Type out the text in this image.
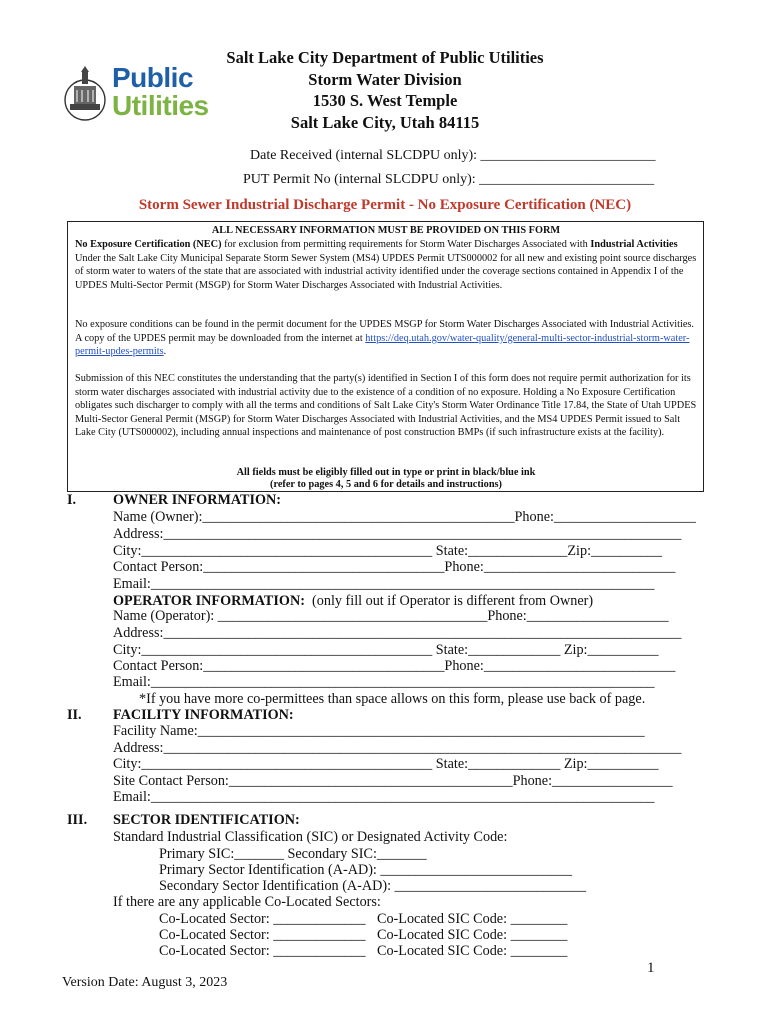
Public
Utilities
Salt Lake City Department of Public Utilities
Storm Water Division
1530 S. West Temple
Salt Lake City, Utah 84115
Date Received (internal SLCDPU only): _________________________
PUT Permit No (internal SLCDPU only): _________________________
Storm Sewer Industrial Discharge Permit - No Exposure Certification (NEC)
ALL NECESSARY INFORMATION MUST BE PROVIDED ON THIS FORM
No Exposure Certification (NEC) for exclusion from permitting requirements for Storm Water Discharges Associated with Industrial Activities Under the Salt Lake City Municipal Separate Storm Sewer System (MS4) UPDES Permit UTS000002 for all new and existing point source discharges of storm water to waters of the state that are associated with industrial activity identified under the coverage sections contained in Appendix I of the UPDES Multi-Sector Permit (MSGP) for Storm Water Discharges Associated with Industrial Activities.
No exposure conditions can be found in the permit document for the UPDES MSGP for Storm Water Discharges Associated with Industrial Activities. A copy of the UPDES permit may be downloaded from the internet at https://deq.utah.gov/water-quality/general-multi-sector-industrial-storm-water-permit-updes-permits.
Submission of this NEC constitutes the understanding that the party(s) identified in Section I of this form does not require permit authorization for its storm water discharges associated with industrial activity due to the existence of a condition of no exposure. Holding a No Exposure Certification obligates such discharger to comply with all the terms and conditions of Salt Lake City's Storm Water Ordinance Title 17.84, the State of Utah UPDES Multi-Sector General Permit (MSGP) for Storm Water Discharges Associated with Industrial Activities, and the MS4 UPDES Permit issued to Salt Lake City (UTS000002), including annual inspections and maintenance of post construction BMPs (if such infrastructure exists at the facility).
All fields must be eligibly filled out in type or print in black/blue ink
(refer to pages 4, 5 and 6 for details and instructions)
I.	OWNER INFORMATION:
Name (Owner):____________________________________________Phone:____________________
Address:_________________________________________________________________________
City:_________________________________________ State:______________Zip:__________
Contact Person:__________________________________Phone:___________________________
Email:_______________________________________________________________________
OPERATOR INFORMATION:  (only fill out if Operator is different from Owner)
Name (Operator): ______________________________________Phone:____________________
Address:_________________________________________________________________________
City:_________________________________________ State:_____________ Zip:__________
Contact Person:__________________________________Phone:___________________________
Email:_______________________________________________________________________
*If you have more co-permittees than space allows on this form, please use back of page.
II. FACILITY INFORMATION:
Facility Name:_______________________________________________________________
Address:_________________________________________________________________________
City:_________________________________________ State:_____________ Zip:__________
Site Contact Person:________________________________________Phone:_________________
Email:_______________________________________________________________________
III. SECTOR IDENTIFICATION:
Standard Industrial Classification (SIC) or Designated Activity Code:
Primary SIC:_______ Secondary SIC:_______
Primary Sector Identification (A-AD): ___________________________
Secondary Sector Identification (A-AD): ___________________________
If there are any applicable Co-Located Sectors:
Co-Located Sector: _____________ Co-Located SIC Code: ________
Co-Located Sector: _____________ Co-Located SIC Code: ________
Co-Located Sector: _____________ Co-Located SIC Code: ________
1
Version Date: August 3, 2023
